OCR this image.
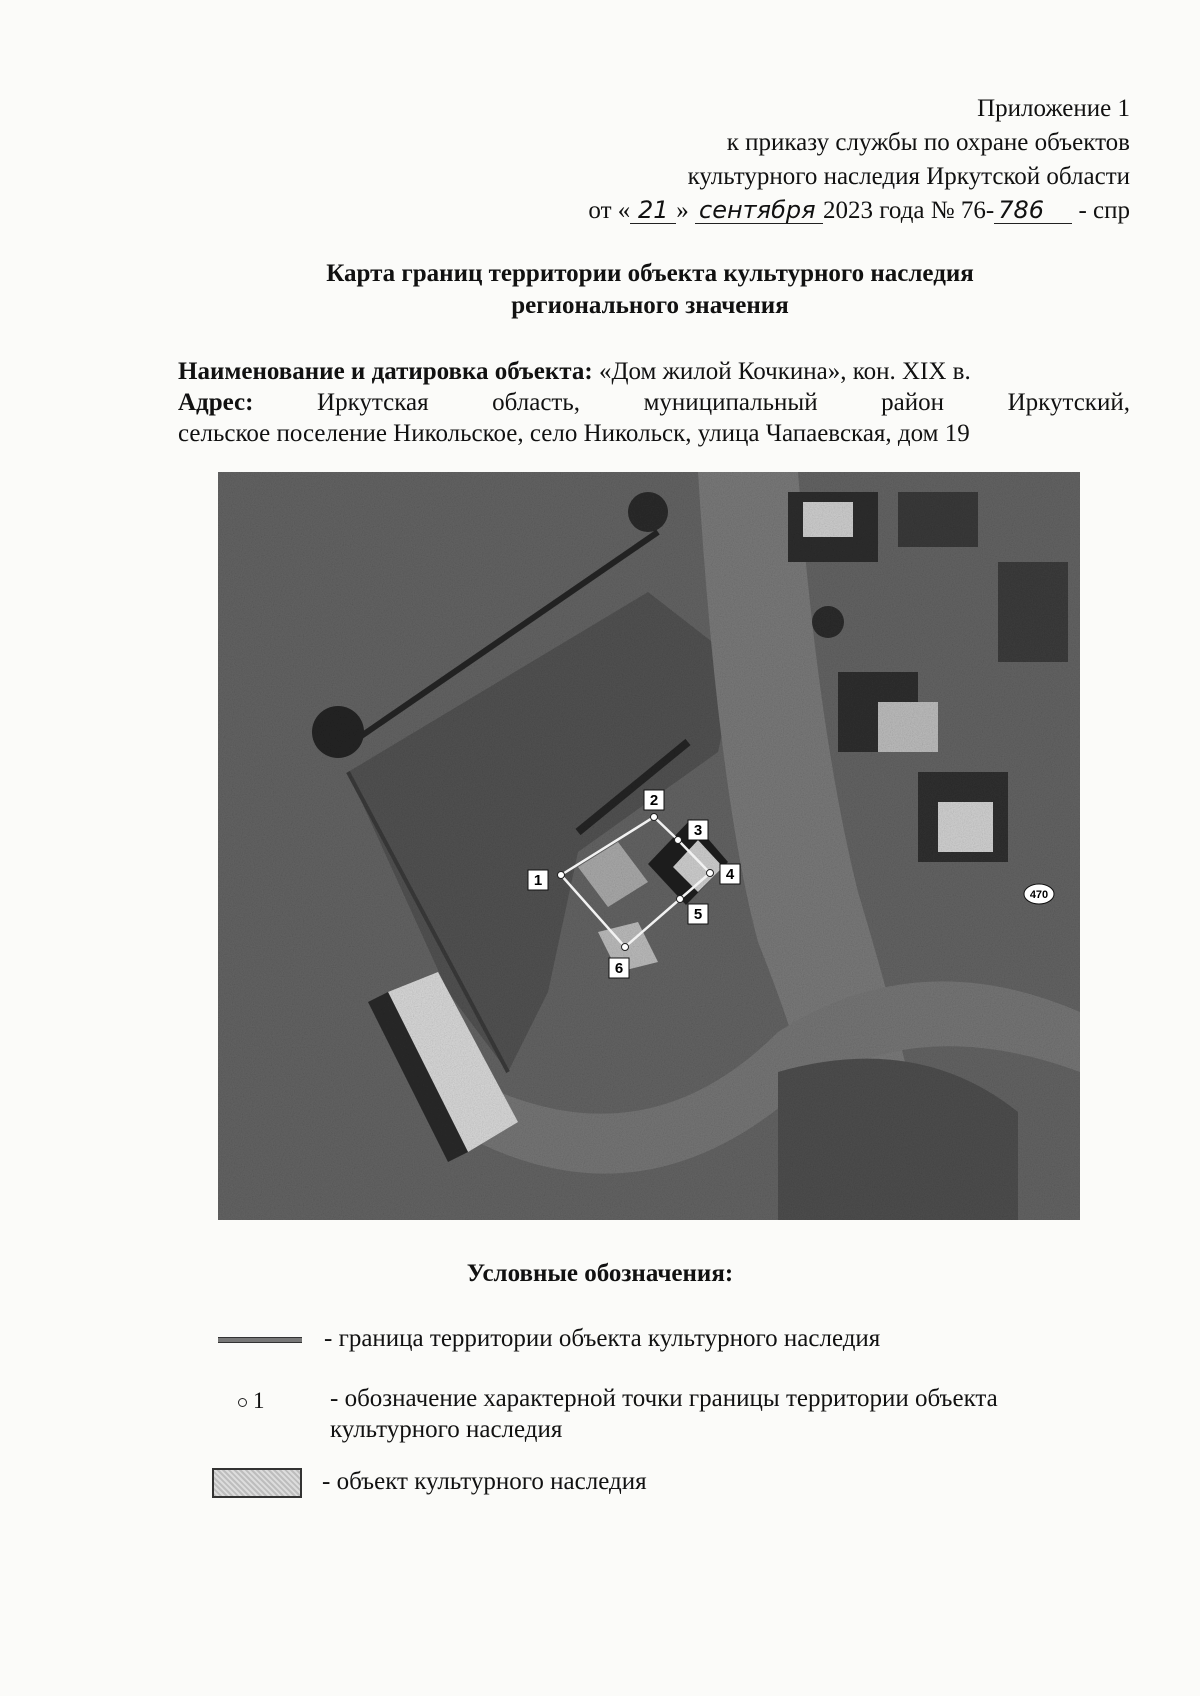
Приложение 1
к приказу службы по охране объектов
культурного наследия Иркутской области
от « 21 » сентября 2023 года № 76- 786 - спр
Карта границ территории объекта культурного наследия
регионального значения
Наименование и датировка объекта: «Дом жилой Кочкина», кон. XIX в.
Адрес:	Иркутская	область,	муниципальный	район	Иркутский,
сельское поселение Никольское, село Никольск, улица Чапаевская, дом 19
1
2
3
4
5
6
470
Условные обозначения:
- граница территории объекта культурного наследия
1	- обозначение характерной точки границы территории объекта
культурного наследия
- объект культурного наследия
